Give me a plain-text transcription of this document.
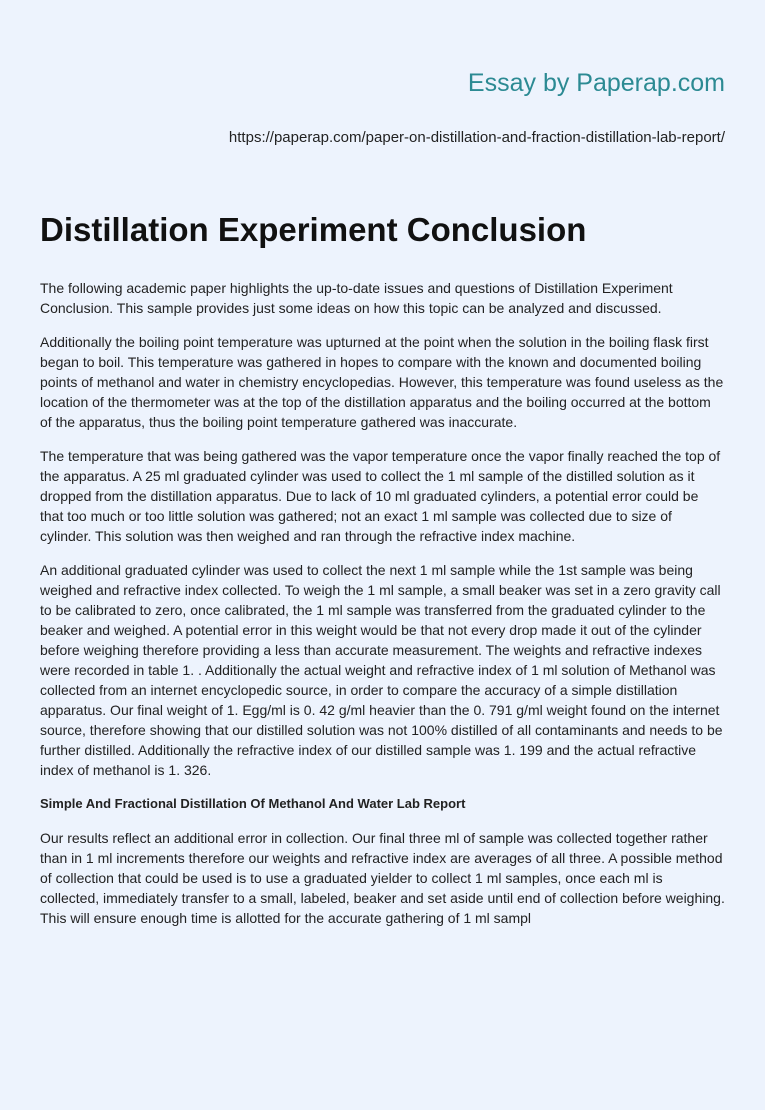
Essay by Paperap.com
https://paperap.com/paper-on-distillation-and-fraction-distillation-lab-report/
Distillation Experiment Conclusion

The following academic paper highlights the up-to-date issues and questions of Distillation Experiment Conclusion. This sample provides just some ideas on how this topic can be analyzed and discussed.

Additionally the boiling point temperature was upturned at the point when the solution in the boiling flask first began to boil. This temperature was gathered in hopes to compare with the known and documented boiling points of methanol and water in chemistry encyclopedias. However, this temperature was found useless as the location of the thermometer was at the top of the distillation apparatus and the boiling occurred at the bottom of the apparatus, thus the boiling point temperature gathered was inaccurate.

The temperature that was being gathered was the vapor temperature once the vapor finally reached the top of the apparatus. A 25 ml graduated cylinder was used to collect the 1 ml sample of the distilled solution as it dropped from the distillation apparatus. Due to lack of 10 ml graduated cylinders, a potential error could be that too much or too little solution was gathered; not an exact 1 ml sample was collected due to size of cylinder. This solution was then weighed and ran through the refractive index machine.

An additional graduated cylinder was used to collect the next 1 ml sample while the 1st sample was being weighed and refractive index collected. To weigh the 1 ml sample, a small beaker was set in a zero gravity call to be calibrated to zero, once calibrated, the 1 ml sample was transferred from the graduated cylinder to the beaker and weighed. A potential error in this weight would be that not every drop made it out of the cylinder before weighing therefore providing a less than accurate measurement. The weights and refractive indexes were recorded in table 1. . Additionally the actual weight and refractive index of 1 ml solution of Methanol was collected from an internet encyclopedic source, in order to compare the accuracy of a simple distillation apparatus. Our final weight of 1. Egg/ml is 0. 42 g/ml heavier than the 0. 791 g/ml weight found on the internet source, therefore showing that our distilled solution was not 100% distilled of all contaminants and needs to be further distilled. Additionally the refractive index of our distilled sample was 1. 199 and the actual refractive index of methanol is 1. 326.

Simple And Fractional Distillation Of Methanol And Water Lab Report

Our results reflect an additional error in collection. Our final three ml of sample was collected together rather than in 1 ml increments therefore our weights and refractive index are averages of all three. A possible method of collection that could be used is to use a graduated yielder to collect 1 ml samples, once each ml is collected, immediately transfer to a small, labeled, beaker and set aside until end of collection before weighing. This will ensure enough time is allotted for the accurate gathering of 1 ml sampl
